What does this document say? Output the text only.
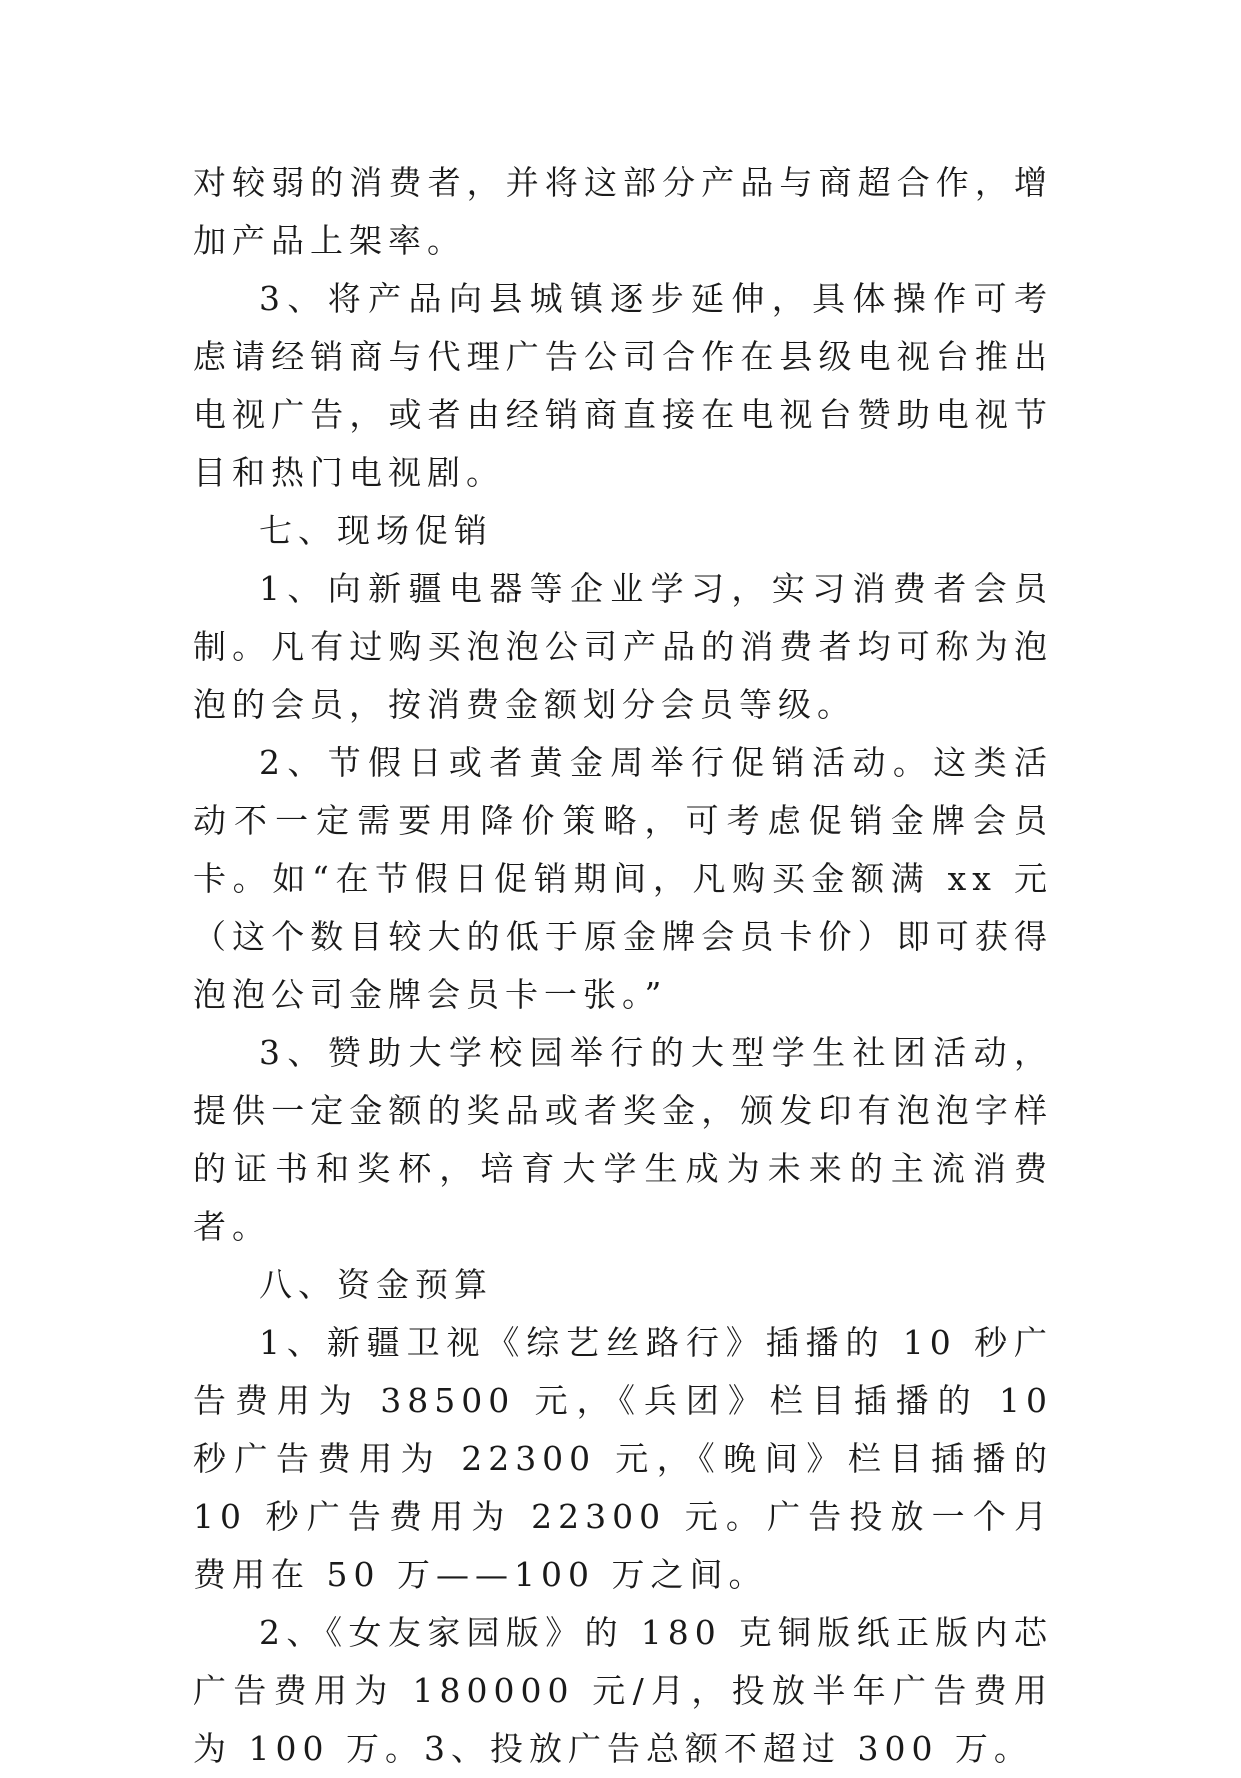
对较弱的消费者，并将这部分产品与商超合作，增加产品上架率。

3、将产品向县城镇逐步延伸，具体操作可考虑请经销商与代理广告公司合作在县级电视台推出电视广告，或者由经销商直接在电视台赞助电视节目和热门电视剧。

七、现场促销

1、向新疆电器等企业学习，实习消费者会员制。凡有过购买泡泡公司产品的消费者均可称为泡泡的会员，按消费金额划分会员等级。

2、节假日或者黄金周举行促销活动。这类活动不一定需要用降价策略，可考虑促销金牌会员卡。如“在节假日促销期间，凡购买金额满 xx 元（这个数目较大的低于原金牌会员卡价）即可获得泡泡公司金牌会员卡一张。”

3、赞助大学校园举行的大型学生社团活动，提供一定金额的奖品或者奖金，颁发印有泡泡字样的证书和奖杯，培育大学生成为未来的主流消费者。

八、资金预算

1、新疆卫视《综艺丝路行》插播的 10 秒广告费用为 38500 元，《兵团》栏目插播的 10 秒广告费用为 22300 元，《晚间》栏目插播的 10 秒广告费用为 22300 元。广告投放一个月费用在 50 万——100 万之间。

2、《女友家园版》的 180 克铜版纸正版内芯广告费用为 180000 元/月，投放半年广告费用为 100 万。3、投放广告总额不超过 300 万。
